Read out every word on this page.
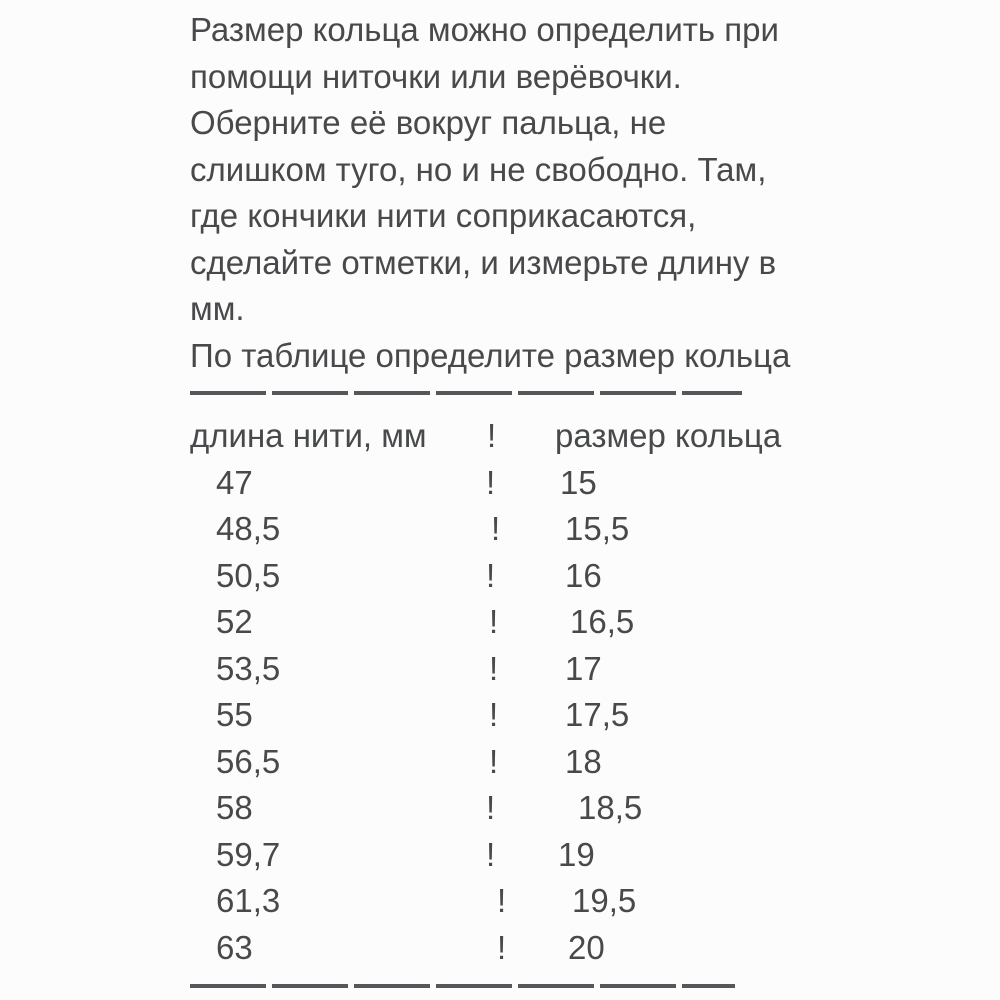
Размер кольца можно определить при
помощи ниточки или верёвочки.
Оберните её вокруг пальца, не
слишком туго, но и не свободно. Там,
где кончики нити соприкасаются,
сделайте отметки, и измерьте длину в
мм.
По таблице определите размер кольца
длина нити, мм ! размер кольца
47	! 15
48,5	! 15,5
50,5	! 16
52	! 16,5
53,5	! 17
55	! 17,5
56,5	! 18
58	!	18,5
59,7	! 19
61,3	! 19,5
63	! 20
